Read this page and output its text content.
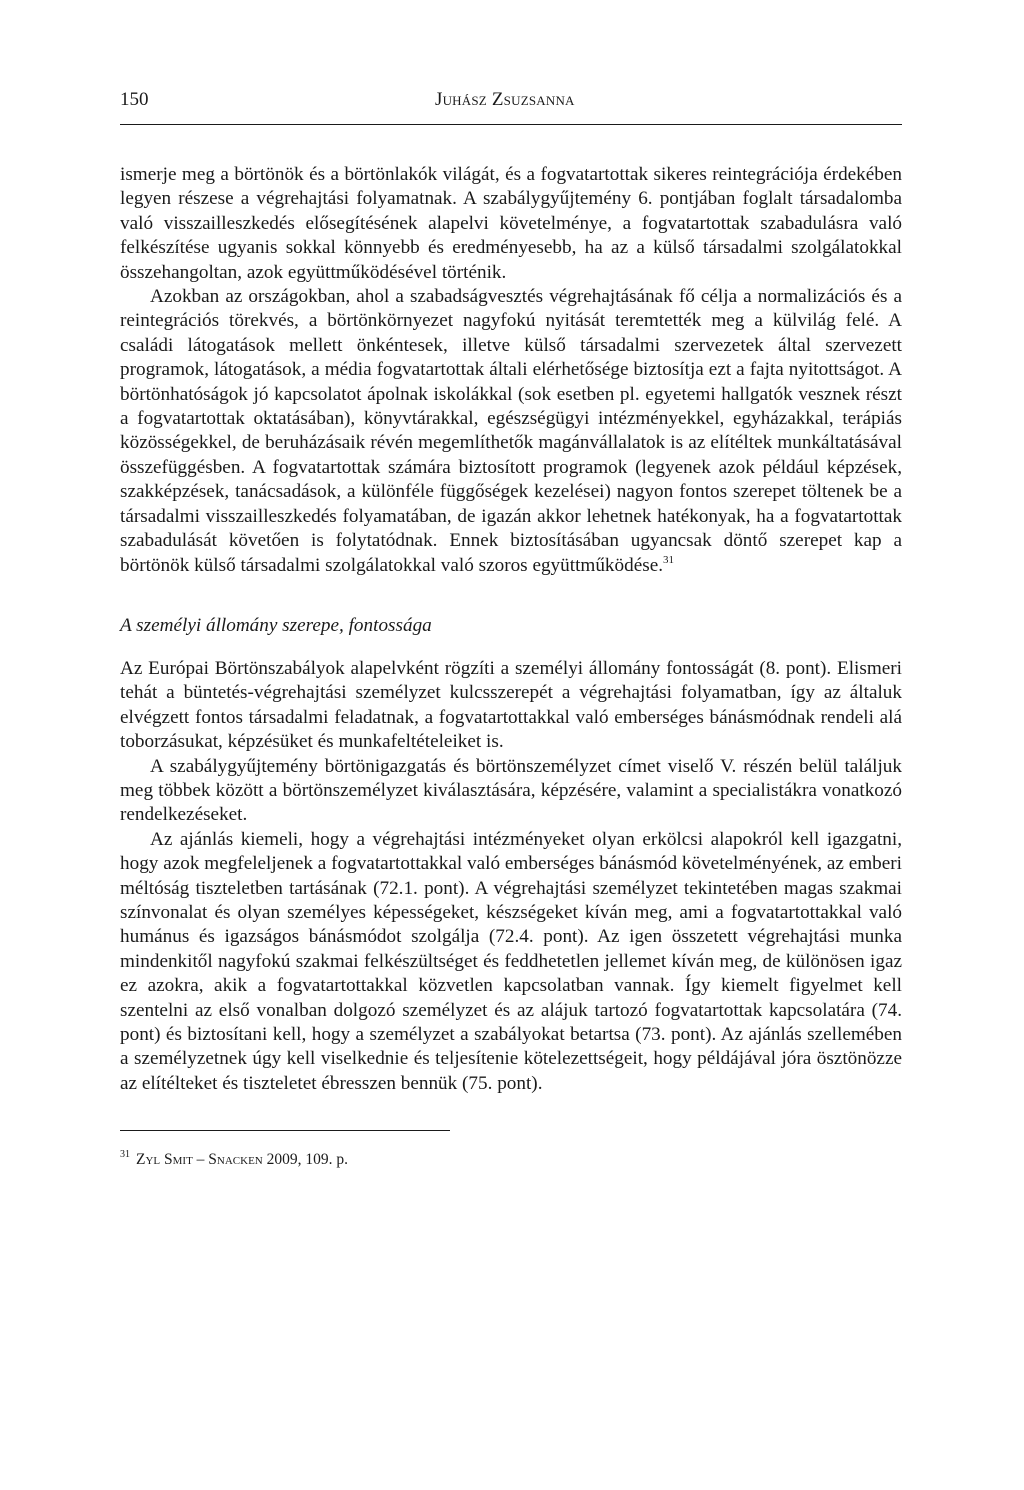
150	Juhász Zsuzsanna

ismerje meg a börtönök és a börtönlakók világát, és a fogvatartottak sikeres reintegrációja érdekében legyen részese a végrehajtási folyamatnak. A szabálygyűjtemény 6. pontjában foglalt társadalomba való visszailleszkedés elősegítésének alapelvi követelménye, a fogvatartottak szabadulásra való felkészítése ugyanis sokkal könnyebb és eredményesebb, ha az a külső társadalmi szolgálatokkal összehangoltan, azok együttműködésével történik.

Azokban az országokban, ahol a szabadságvesztés végrehajtásának fő célja a normalizációs és a reintegrációs törekvés, a börtönkörnyezet nagyfokú nyitását teremtették meg a külvilág felé. A családi látogatások mellett önkéntesek, illetve külső társadalmi szervezetek által szervezett programok, látogatások, a média fogvatartottak általi elérhetősége biztosítja ezt a fajta nyitottságot. A börtönhatóságok jó kapcsolatot ápolnak iskolákkal (sok esetben pl. egyetemi hallgatók vesznek részt a fogvatartottak oktatásában), könyvtárakkal, egészségügyi intézményekkel, egyházakkal, terápiás közösségekkel, de beruházásaik révén megemlíthetők magánvállalatok is az elítéltek munkáltatásával összefüggésben. A fogvatartottak számára biztosított programok (legyenek azok például képzések, szakképzések, tanácsadások, a különféle függőségek kezelései) nagyon fontos szerepet töltenek be a társadalmi visszailleszkedés folyamatában, de igazán akkor lehetnek hatékonyak, ha a fogvatartottak szabadulását követően is folytatódnak. Ennek biztosításában ugyancsak döntő szerepet kap a börtönök külső társadalmi szolgálatokkal való szoros együttműködése.$^{31}$

A személyi állomány szerepe, fontossága

Az Európai Börtönszabályok alapelvként rögzíti a személyi állomány fontosságát (8. pont). Elismeri tehát a büntetés-végrehajtási személyzet kulcsszerepét a végrehajtási folyamatban, így az általuk elvégzett fontos társadalmi feladatnak, a fogvatartottakkal való emberséges bánásmódnak rendeli alá toborzásukat, képzésüket és munkafeltételeiket is.

A szabálygyűjtemény börtönigazgatás és börtönszemélyzet címet viselő V. részén belül találjuk meg többek között a börtönszemélyzet kiválasztására, képzésére, valamint a specialistákra vonatkozó rendelkezéseket.

Az ajánlás kiemeli, hogy a végrehajtási intézményeket olyan erkölcsi alapokról kell igazgatni, hogy azok megfeleljenek a fogvatartottakkal való emberséges bánásmód követelményének, az emberi méltóság tiszteletben tartásának (72.1. pont). A végrehajtási személyzet tekintetében magas szakmai színvonalat és olyan személyes képességeket, készségeket kíván meg, ami a fogvatartottakkal való humánus és igazságos bánásmódot szolgálja (72.4. pont). Az igen összetett végrehajtási munka mindenkitől nagyfokú szakmai felkészültséget és feddhetetlen jellemet kíván meg, de különösen igaz ez azokra, akik a fogvatartottakkal közvetlen kapcsolatban vannak. Így kiemelt figyelmet kell szentelni az első vonalban dolgozó személyzet és az alájuk tartozó fogvatartottak kapcsolatára (74. pont) és biztosítani kell, hogy a személyzet a szabályokat betartsa (73. pont). Az ajánlás szellemében a személyzetnek úgy kell viselkednie és teljesítenie kötelezettségeit, hogy példájával jóra ösztönözze az elítélteket és tiszteletet ébresszen bennük (75. pont).

$^{31}$ Zyl Smit – Snacken 2009, 109. p.
